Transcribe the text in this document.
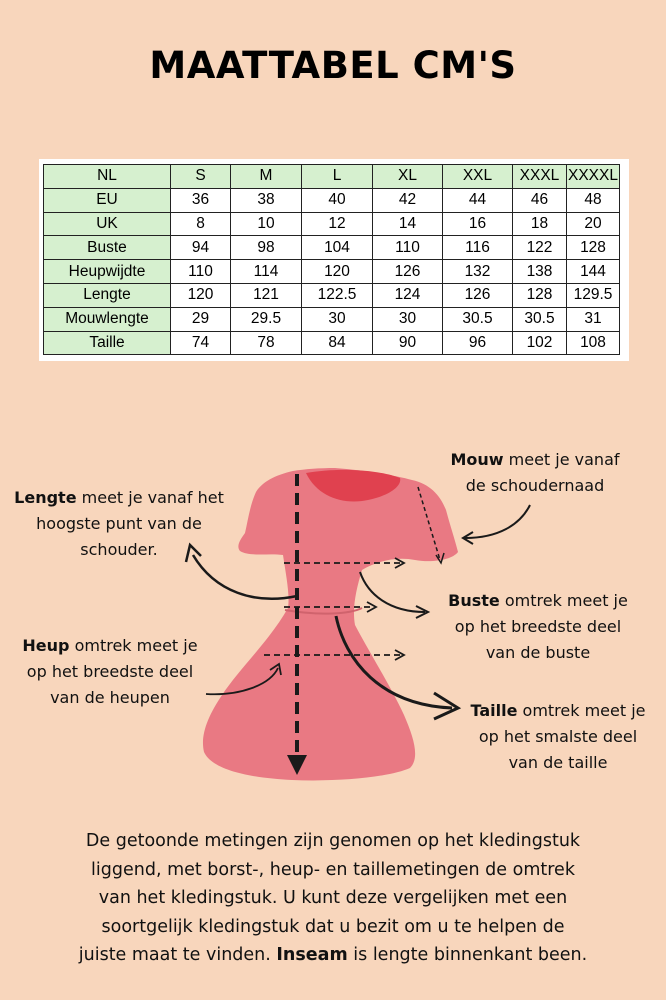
MAATTABEL CM'S
NL	S	M	L	XL	XXL	XXXL	XXXXL
EU	36	38	40	42	44	46	48
UK	8	10	12	14	16	18	20
Buste	94	98	104	110	116	122	128
Heupwijdte	110	114	120	126	132	138	144
Lengte	120	121	122.5	124	126	128	129.5
Mouwlengte	29	29.5	30	30	30.5	30.5	31
Taille	74	78	84	90	96	102	108
Lengte meet je vanaf het
hoogste punt van de
schouder.
Mouw meet je vanaf
de schoudernaad
Buste omtrek meet je
op het breedste deel
van de buste
Heup omtrek meet je
op het breedste deel
van de heupen
Taille omtrek meet je
op het smalste deel
van de taille
De getoonde metingen zijn genomen op het kledingstuk
liggend, met borst-, heup- en taillemetingen de omtrek
van het kledingstuk. U kunt deze vergelijken met een
soortgelijk kledingstuk dat u bezit om u te helpen de
juiste maat te vinden. Inseam is lengte binnenkant been.
